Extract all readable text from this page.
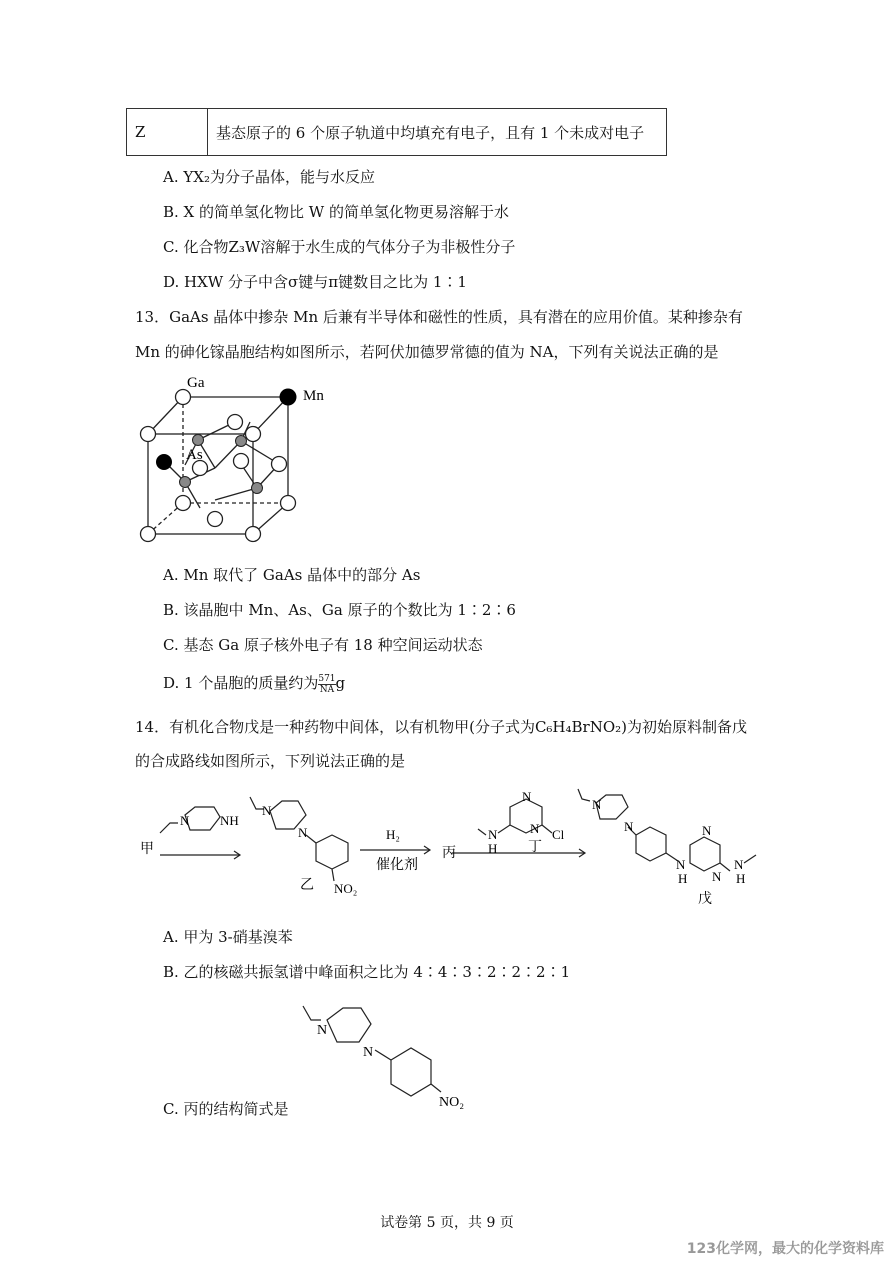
Z	基态原子的 6 个原子轨道中均填充有电子，且有 1 个未成对电子
A. YX₂为分子晶体，能与水反应
B. X 的简单氢化物比 W 的简单氢化物更易溶解于水
C. 化合物Z₃W溶解于水生成的气体分子为非极性分子
D. HXW 分子中含σ键与π键数目之比为 1∶1
13．GaAs 晶体中掺杂 Mn 后兼有半导体和磁性的性质，具有潜在的应用价值。某种掺杂有
Mn 的砷化镓晶胞结构如图所示，若阿伏加德罗常德的值为 NA，下列有关说法正确的是
Ga
Mn
As
A. Mn 取代了 GaAs 晶体中的部分 As
B. 该晶胞中 Mn、As、Ga 原子的个数比为 1∶2∶6
C. 基态 Ga 原子核外电子有 18 种空间运动状态
D. 1 个晶胞的质量约为 $\frac{571}{NA}$ g
14．有机化合物戊是一种药物中间体，以有机物甲(分子式为C₆H₄BrNO₂)为初始原料制备戊
的合成路线如图所示，下列说法正确的是
甲
N NH
N
N
NO₂
乙
H₂
催化剂
丙
N
N
N
H
Cl
丁
N
N
N
H
N
N
N
H
戊
A. 甲为 3-硝基溴苯
B. 乙的核磁共振氢谱中峰面积之比为 4∶4∶3∶2∶2∶2∶1
N
N
NO₂
C. 丙的结构简式是
试卷第 5 页，共 9 页
123化学网，最大的化学资料库
